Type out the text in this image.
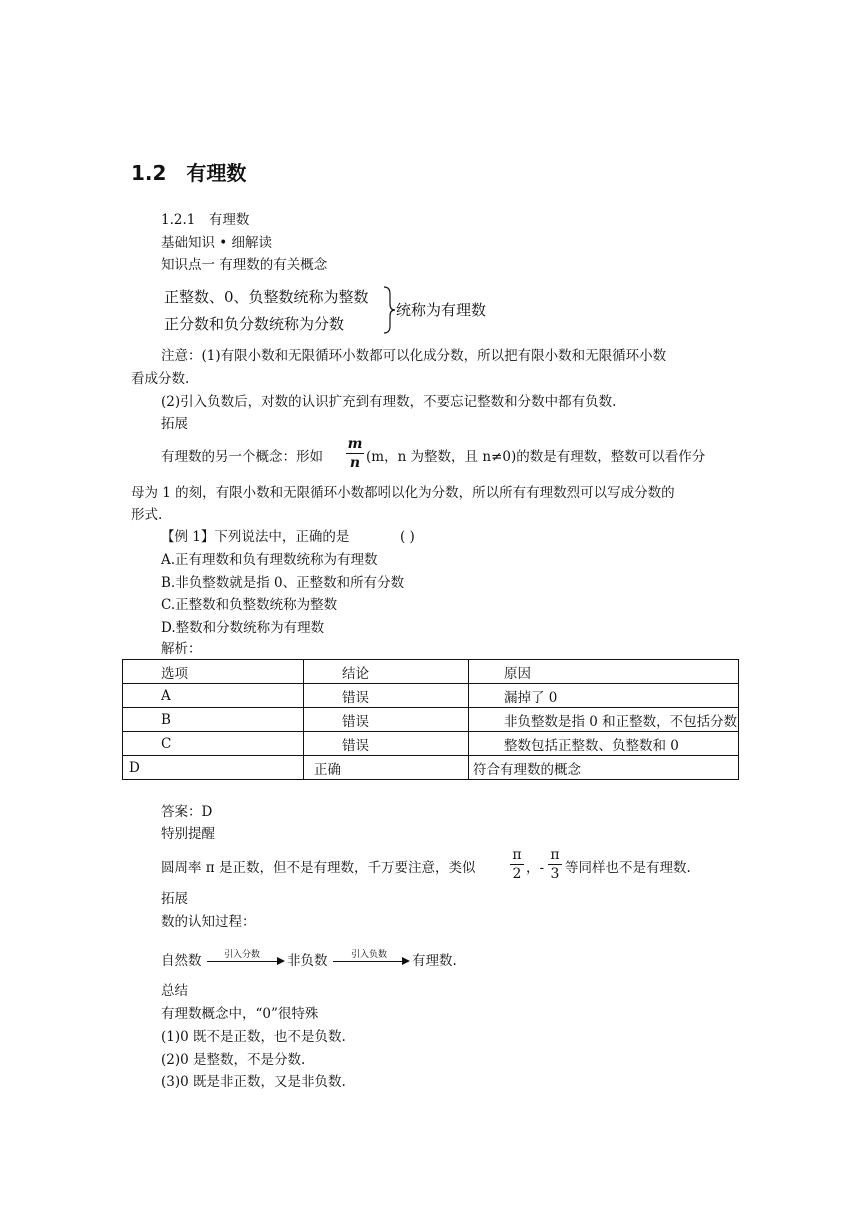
1.2　有理数
1.2.1　有理数
基础知识 • 细解读
知识点一 有理数的有关概念
正整数、0、负整数统称为整数
正分数和负分数统称为分数
统称为有理数
注意：(1)有限小数和无限循环小数都可以化成分数，所以把有限小数和无限循环小数
看成分数.
(2)引入负数后，对数的认识扩充到有理数，不要忘记整数和分数中都有负数.
拓展
有理数的另一个概念：形如
m
n (m，n 为整数，且 n≠0)的数是有理数，整数可以看作分
母为 1 的刻，有限小数和无限循环小数都吲以化为分数，所以所有有理数烈可以写成分数的
形式.
【例 1】下列说法中，正确的是	( )
A.正有理数和负有理数统称为有理数
B.非负整数就是指 0、正整数和所有分数
C.正整数和负整数统称为整数
D.整数和分数统称为有理数
解析：
选项	结论	原因
A	错误	漏掉了 0
B	错误	非负整数是指 0 和正整数，不包括分数
C	错误	整数包括正整数、负整数和 0
D	正确	符合有理数的概念
答案：D
特别提醒
圆周率 π 是正数，但不是有理数，千万要注意，类似
π
2 ，-
π
3 等同样也不是有理数.
拓展
数的认知过程：
自然数	引入分数 非负数	引入负数 有理数.
总结
有理数概念中，“0”很特殊
(1)0 既不是正数，也不是负数.
(2)0 是整数，不是分数.
(3)0 既是非正数，又是非负数.
